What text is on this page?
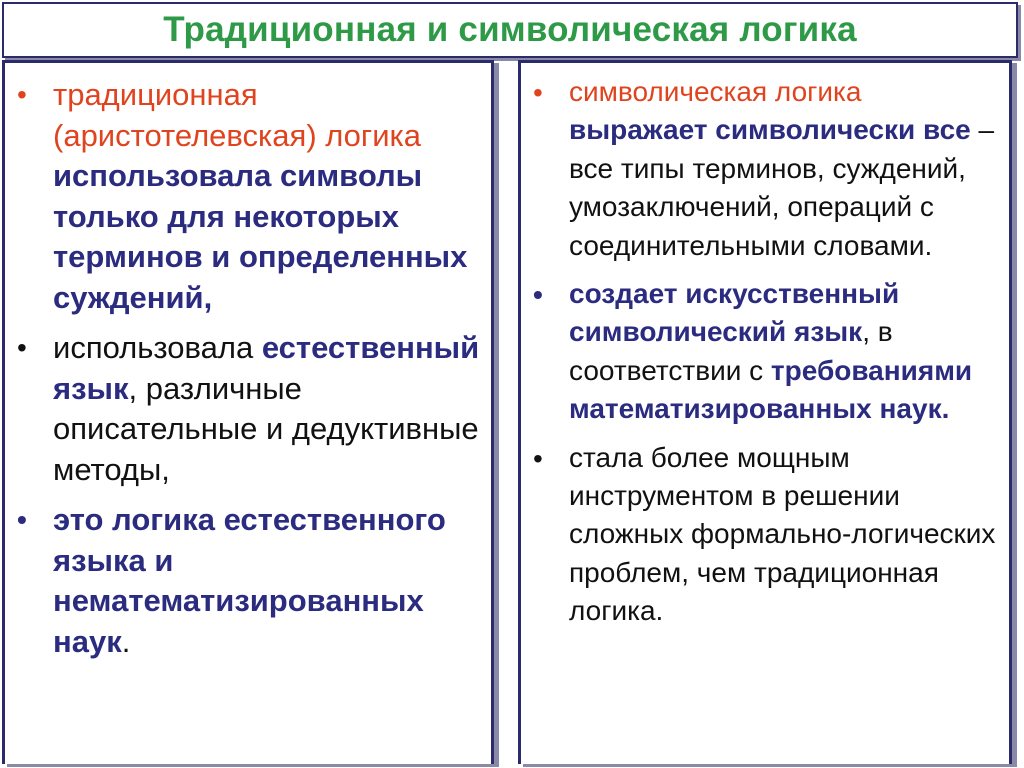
Традиционная и символическая логика
• традиционная (аристотелевская) логика использовала символы только для некоторых терминов и определенных суждений,
• использовала естественный язык, различные описательные и дедуктивные методы,
• это логика естественного языка и нематематизированных наук.
• символическая логика выражает символически все – все типы терминов, суждений, умозаключений, операций с соединительными словами.
• создает искусственный символический язык, в соответствии с требованиями математизированных наук.
• стала более мощным инструментом в решении сложных формально-логических проблем, чем традиционная логика.
